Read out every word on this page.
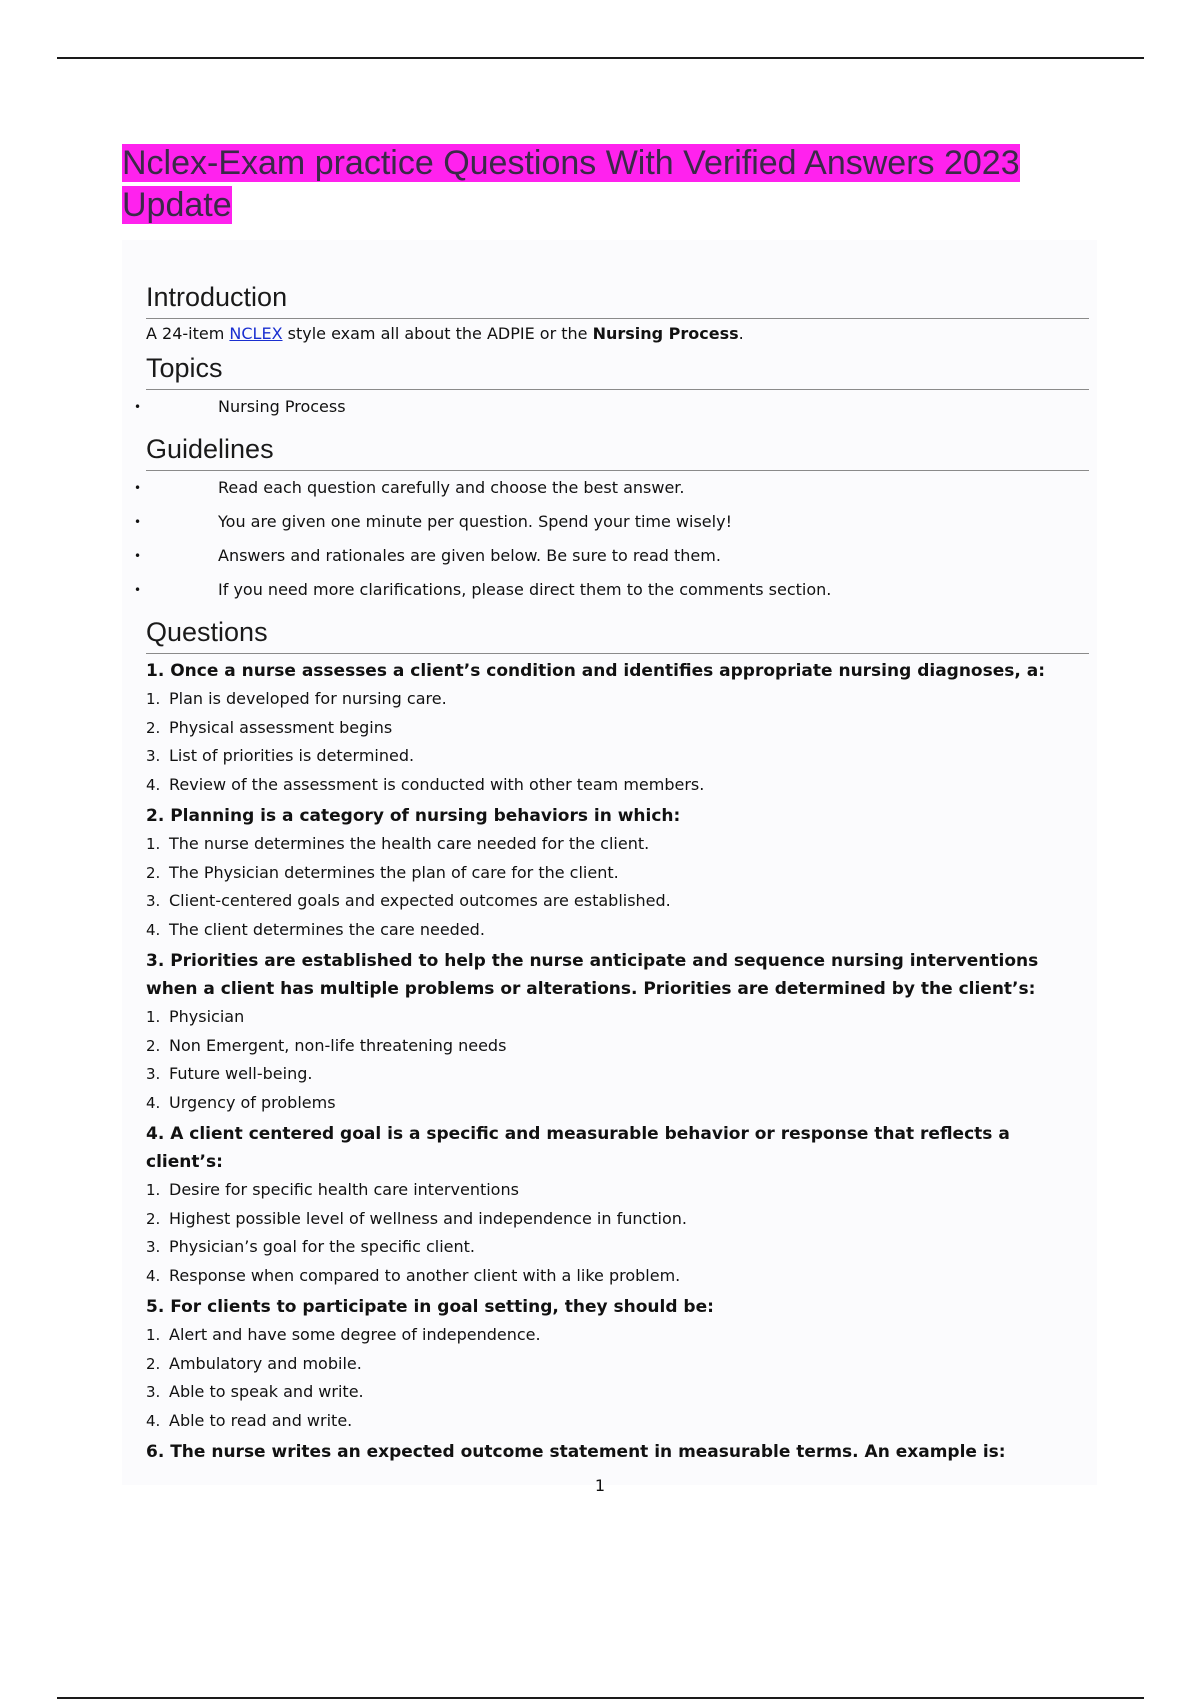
Nclex-Exam practice Questions With Verified Answers 2023 Update
Introduction

A 24-item NCLEX style exam all about the ADPIE or the Nursing Process.

Topics
•	Nursing Process
Guidelines
•	Read each question carefully and choose the best answer.
•	You are given one minute per question. Spend your time wisely!
•	Answers and rationales are given below. Be sure to read them.
•	If you need more clarifications, please direct them to the comments section.
Questions

1. Once a nurse assesses a client’s condition and identifies appropriate nursing diagnoses, a:

1. Plan is developed for nursing care.
2. Physical assessment begins
3. List of priorities is determined.
4. Review of the assessment is conducted with other team members.

2. Planning is a category of nursing behaviors in which:

1. The nurse determines the health care needed for the client.
2. The Physician determines the plan of care for the client.
3. Client-centered goals and expected outcomes are established.
4. The client determines the care needed.

3. Priorities are established to help the nurse anticipate and sequence nursing interventions when a client has multiple problems or alterations. Priorities are determined by the client’s:

1. Physician
2. Non Emergent, non-life threatening needs
3. Future well-being.
4. Urgency of problems

4. A client centered goal is a specific and measurable behavior or response that reflects a client’s:

1. Desire for specific health care interventions
2. Highest possible level of wellness and independence in function.
3. Physician’s goal for the specific client.
4. Response when compared to another client with a like problem.

5. For clients to participate in goal setting, they should be:

1. Alert and have some degree of independence.
2. Ambulatory and mobile.
3. Able to speak and write.
4. Able to read and write.

6. The nurse writes an expected outcome statement in measurable terms. An example is:

1
